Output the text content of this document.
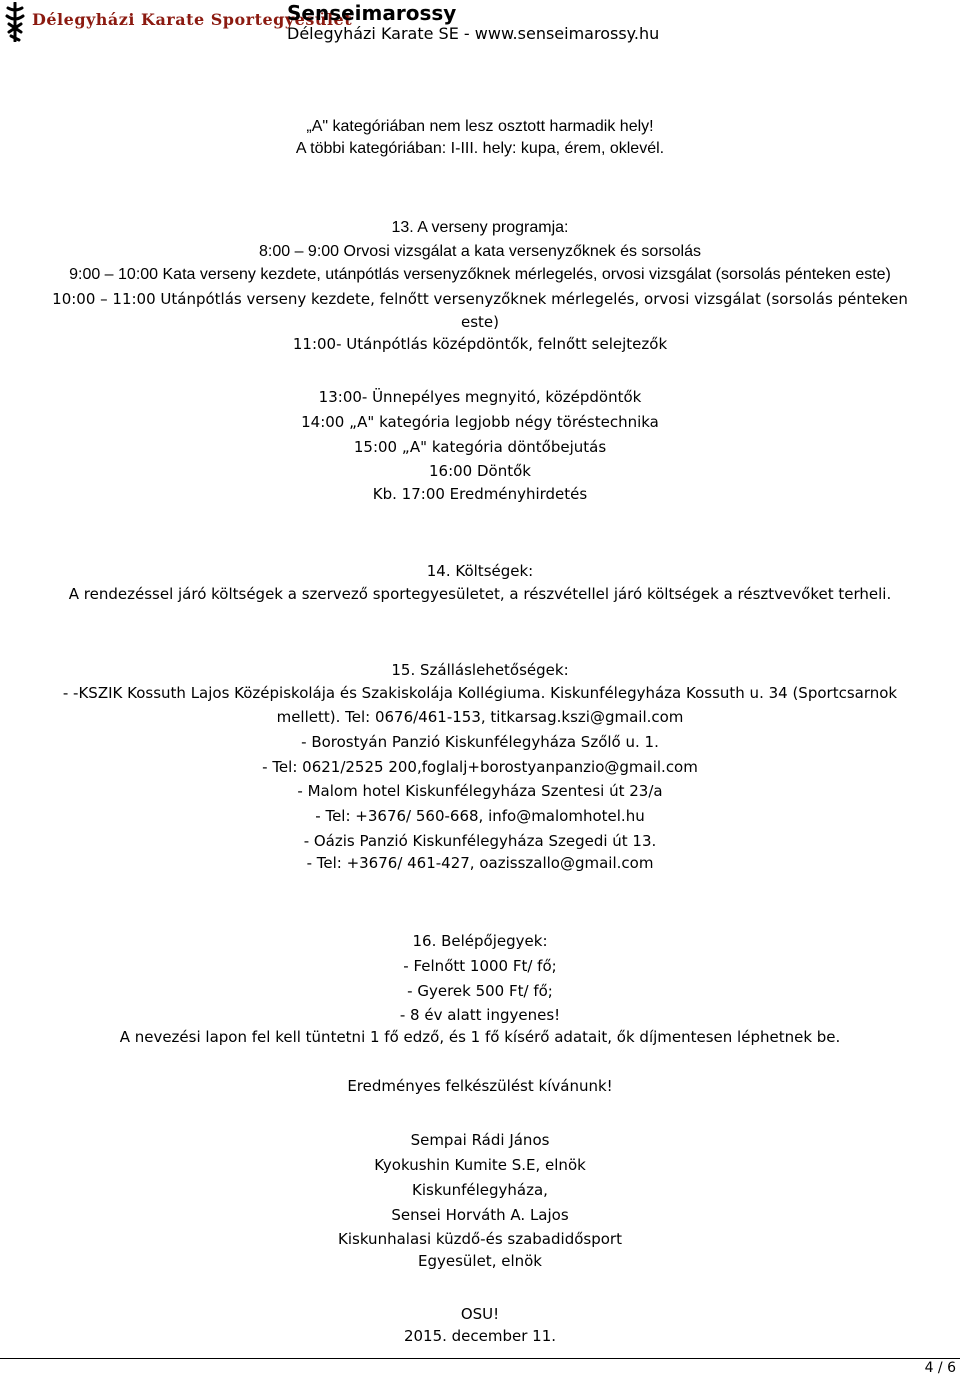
Délegyházi Karate Sportegyesület
Senseimarossy
Délegyházi Karate SE - www.senseimarossy.hu
„A" kategóriában nem lesz osztott harmadik hely!
A többi kategóriában: I-III. hely: kupa, érem, oklevél.
13. A verseny programja:
8:00 – 9:00 Orvosi vizsgálat a kata versenyzőknek és sorsolás
9:00 – 10:00 Kata verseny kezdete, utánpótlás versenyzőknek mérlegelés, orvosi vizsgálat (sorsolás pénteken este)
10:00 – 11:00 Utánpótlás verseny kezdete, felnőtt versenyzőknek mérlegelés, orvosi vizsgálat (sorsolás pénteken
este)
11:00- Utánpótlás középdöntők, felnőtt selejtezők
13:00- Ünnepélyes megnyitó, középdöntők
14:00 „A" kategória legjobb négy töréstechnika
15:00 „A" kategória döntőbejutás
16:00 Döntők
Kb. 17:00 Eredményhirdetés
14. Költségek:
A rendezéssel járó költségek a szervező sportegyesületet, a részvétellel járó költségek a résztvevőket terheli.
15. Szálláslehetőségek:
- -KSZIK Kossuth Lajos Középiskolája és Szakiskolája Kollégiuma. Kiskunfélegyháza Kossuth u. 34 (Sportcsarnok
mellett). Tel: 0676/461-153, titkarsag.kszi@gmail.com
- Borostyán Panzió Kiskunfélegyháza Szőlő u. 1.
- Tel: 0621/2525 200,foglalj+borostyanpanzio@gmail.com
- Malom hotel Kiskunfélegyháza Szentesi út 23/a
- Tel: +3676/ 560-668, info@malomhotel.hu
- Oázis Panzió Kiskunfélegyháza Szegedi út 13.
- Tel: +3676/ 461-427, oazisszallo@gmail.com
16. Belépőjegyek:
- Felnőtt 1000 Ft/ fő;
- Gyerek 500 Ft/ fő;
- 8 év alatt ingyenes!
A nevezési lapon fel kell tüntetni 1 fő edző, és 1 fő kísérő adatait, ők díjmentesen léphetnek be.
Eredményes felkészülést kívánunk!
Sempai Rádi János
Kyokushin Kumite S.E, elnök
Kiskunfélegyháza,
Sensei Horváth A. Lajos
Kiskunhalasi küzdő-és szabadidősport
Egyesület, elnök
OSU!
2015. december 11.
4 / 6
